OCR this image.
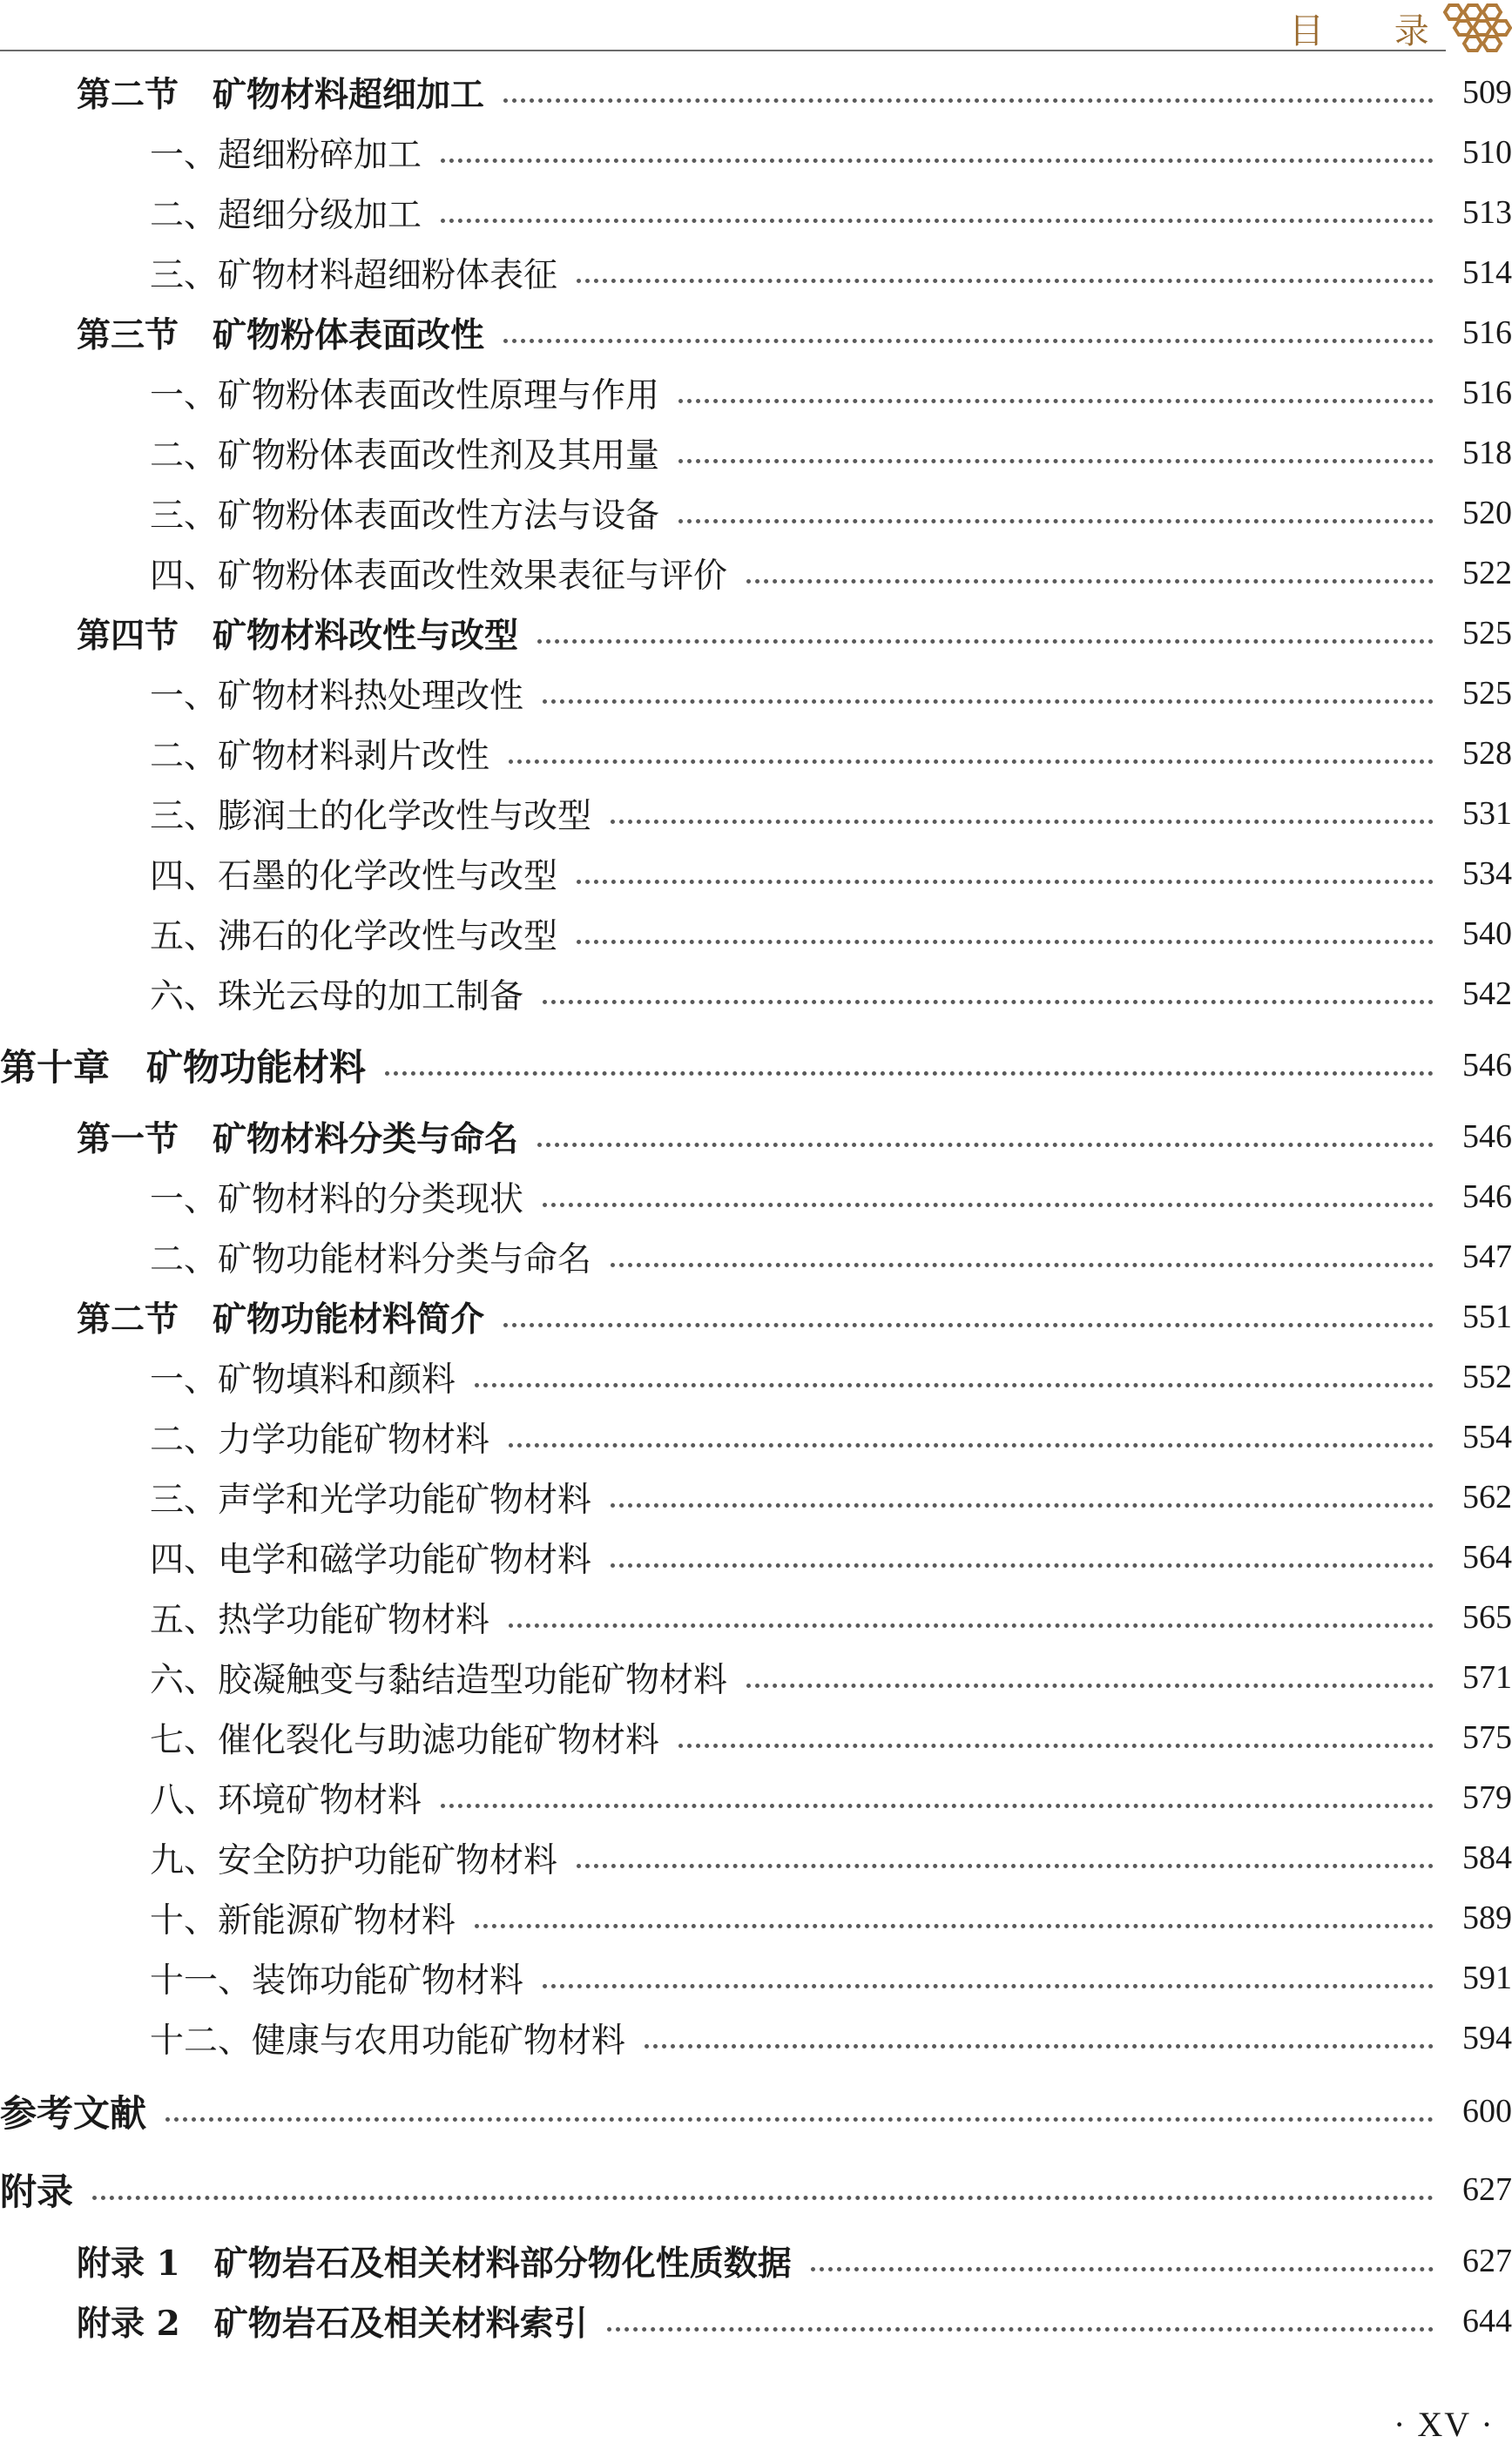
目 录
第二节　矿物材料超细加工	509
一、超细粉碎加工	510
二、超细分级加工	513
三、矿物材料超细粉体表征	514
第三节　矿物粉体表面改性	516
一、矿物粉体表面改性原理与作用	516
二、矿物粉体表面改性剂及其用量	518
三、矿物粉体表面改性方法与设备	520
四、矿物粉体表面改性效果表征与评价	522
第四节　矿物材料改性与改型	525
一、矿物材料热处理改性	525
二、矿物材料剥片改性	528
三、膨润土的化学改性与改型	531
四、石墨的化学改性与改型	534
五、沸石的化学改性与改型	540
六、珠光云母的加工制备	542
第十章　矿物功能材料	546
第一节　矿物材料分类与命名	546
一、矿物材料的分类现状	546
二、矿物功能材料分类与命名	547
第二节　矿物功能材料简介	551
一、矿物填料和颜料	552
二、力学功能矿物材料	554
三、声学和光学功能矿物材料	562
四、电学和磁学功能矿物材料	564
五、热学功能矿物材料	565
六、胶凝触变与黏结造型功能矿物材料	571
七、催化裂化与助滤功能矿物材料	575
八、环境矿物材料	579
九、安全防护功能矿物材料	584
十、新能源矿物材料	589
十一、装饰功能矿物材料	591
十二、健康与农用功能矿物材料	594
参考文献	600
附录	627
附录 1　矿物岩石及相关材料部分物化性质数据	627
附录 2　矿物岩石及相关材料索引	644
· XV ·
